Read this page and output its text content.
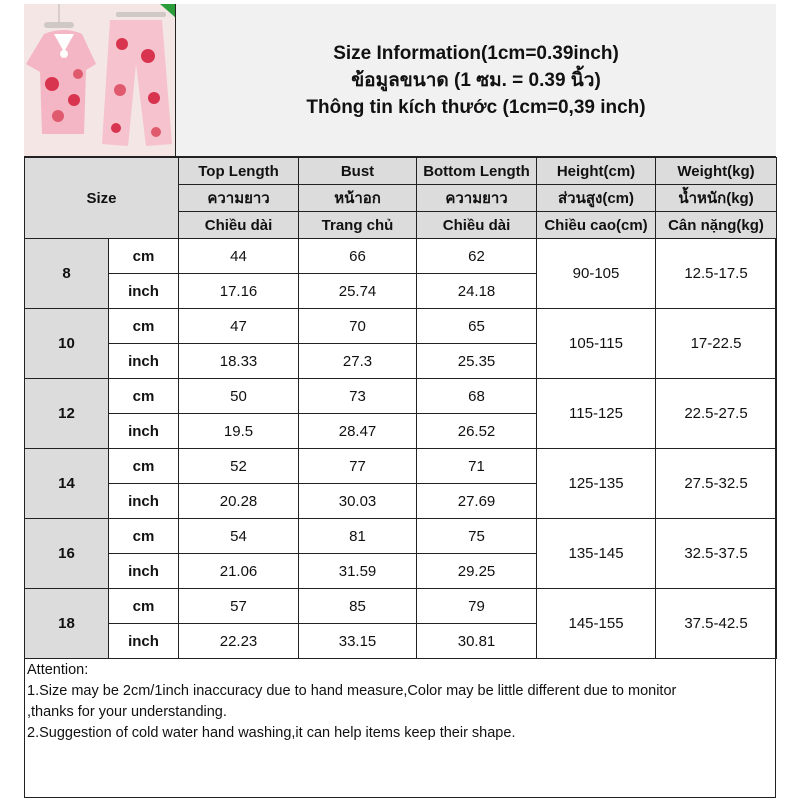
Size Information(1cm=0.39inch)
ข้อมูลขนาด (1 ซม. = 0.39 นิ้ว)
Thông tin kích thước (1cm=0,39 inch)
Size		Top Length	Bust	Bottom Length	Height(cm)	Weight(kg)
		ความยาว	หน้าอก	ความยาว	ส่วนสูง(cm)	น้ำหนัก(kg)
		Chiều dài	Trang chủ	Chiều dài	Chiều cao(cm)	Cân nặng(kg)
8	cm	44	66	62	90-105	12.5-17.5
	inch	17.16	25.74	24.18		
10	cm	47	70	65	105-115	17-22.5
	inch	18.33	27.3	25.35		
12	cm	50	73	68	115-125	22.5-27.5
	inch	19.5	28.47	26.52		
14	cm	52	77	71	125-135	27.5-32.5
	inch	20.28	30.03	27.69		
16	cm	54	81	75	135-145	32.5-37.5
	inch	21.06	31.59	29.25		
18	cm	57	85	79	145-155	37.5-42.5
	inch	22.23	33.15	30.81		
Attention:
1.Size may be 2cm/1inch inaccuracy due to hand measure,Color may be little different due to monitor
,thanks for your understanding.
2.Suggestion of cold water hand washing,it can help items keep their shape.
